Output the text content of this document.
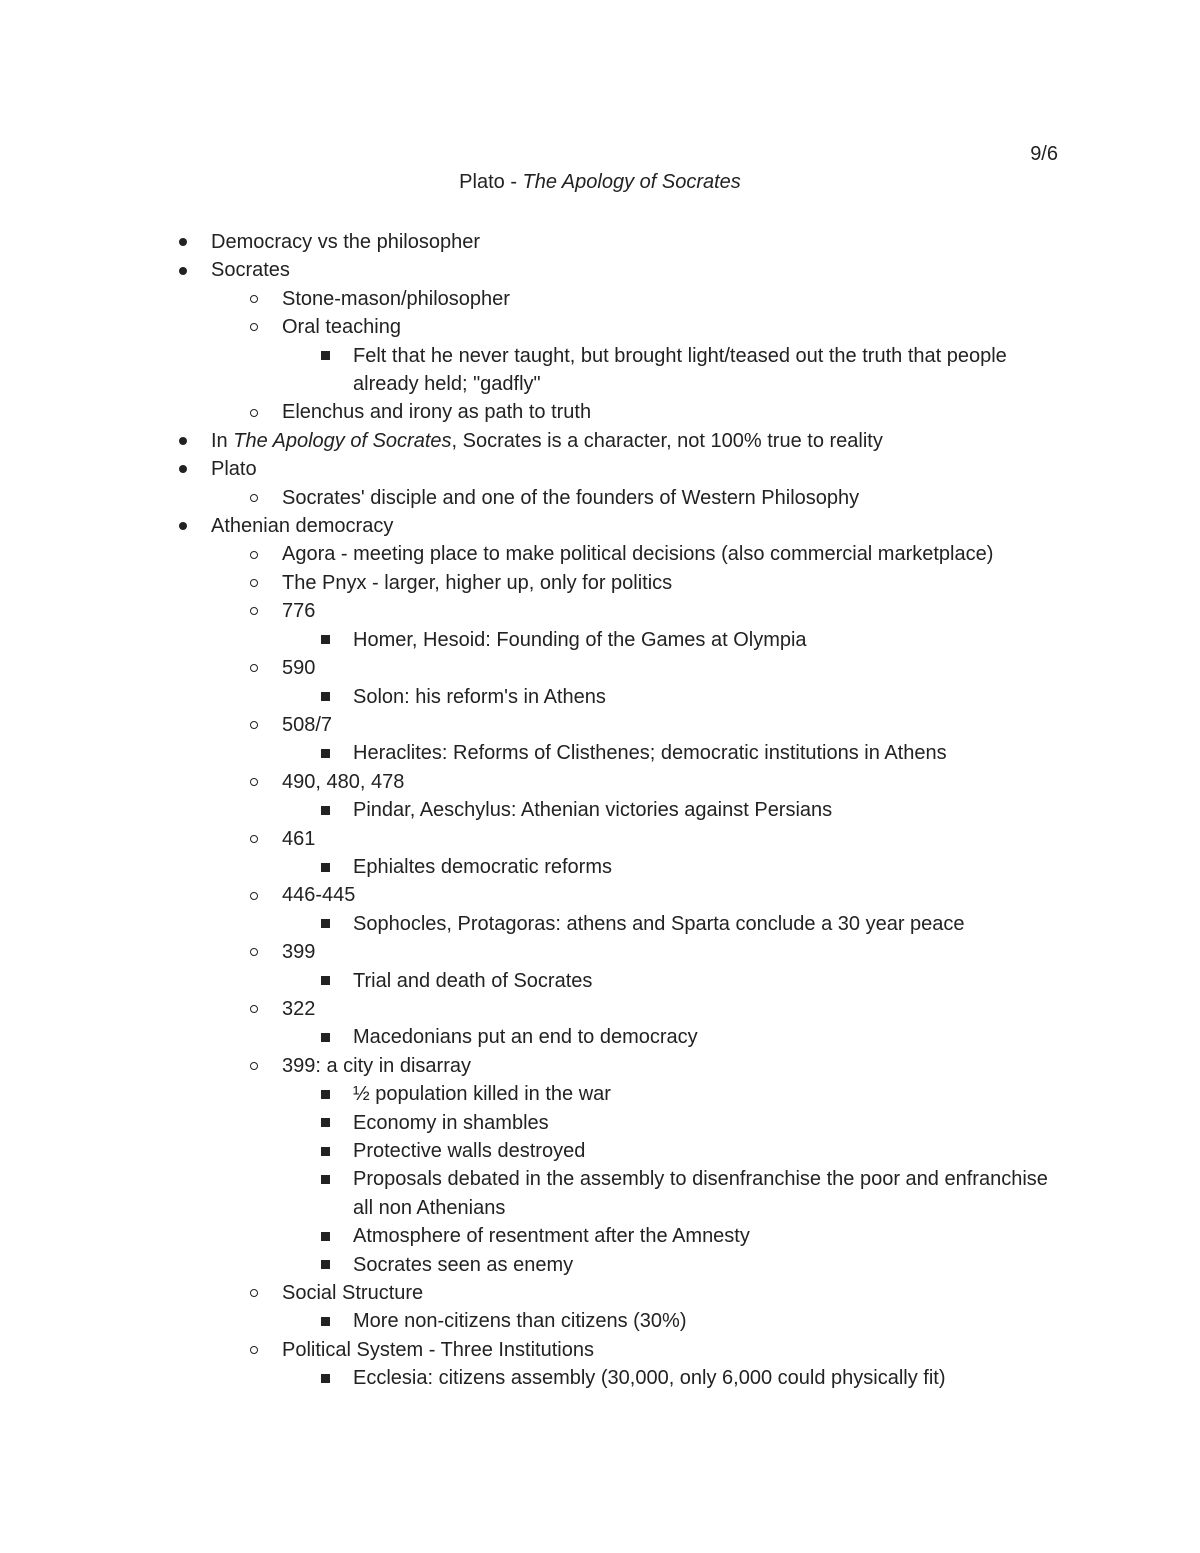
9/6
Plato - The Apology of Socrates
Democracy vs the philosopher
Socrates
Stone-mason/philosopher
Oral teaching
Felt that he never taught, but brought light/teased out the truth that people already held; "gadfly"
Elenchus and irony as path to truth
In The Apology of Socrates, Socrates is a character, not 100% true to reality
Plato
Socrates' disciple and one of the founders of Western Philosophy
Athenian democracy
Agora - meeting place to make political decisions (also commercial marketplace)
The Pnyx - larger, higher up, only for politics
776
Homer, Hesoid: Founding of the Games at Olympia
590
Solon: his reform's in Athens
508/7
Heraclites: Reforms of Clisthenes; democratic institutions in Athens
490, 480, 478
Pindar, Aeschylus: Athenian victories against Persians
461
Ephialtes democratic reforms
446-445
Sophocles, Protagoras: athens and Sparta conclude a 30 year peace
399
Trial and death of Socrates
322
Macedonians put an end to democracy
399: a city in disarray
½ population killed in the war
Economy in shambles
Protective walls destroyed
Proposals debated in the assembly to disenfranchise the poor and enfranchise all non Athenians
Atmosphere of resentment after the Amnesty
Socrates seen as enemy
Social Structure
More non-citizens than citizens (30%)
Political System - Three Institutions
Ecclesia: citizens assembly (30,000, only 6,000 could physically fit)
